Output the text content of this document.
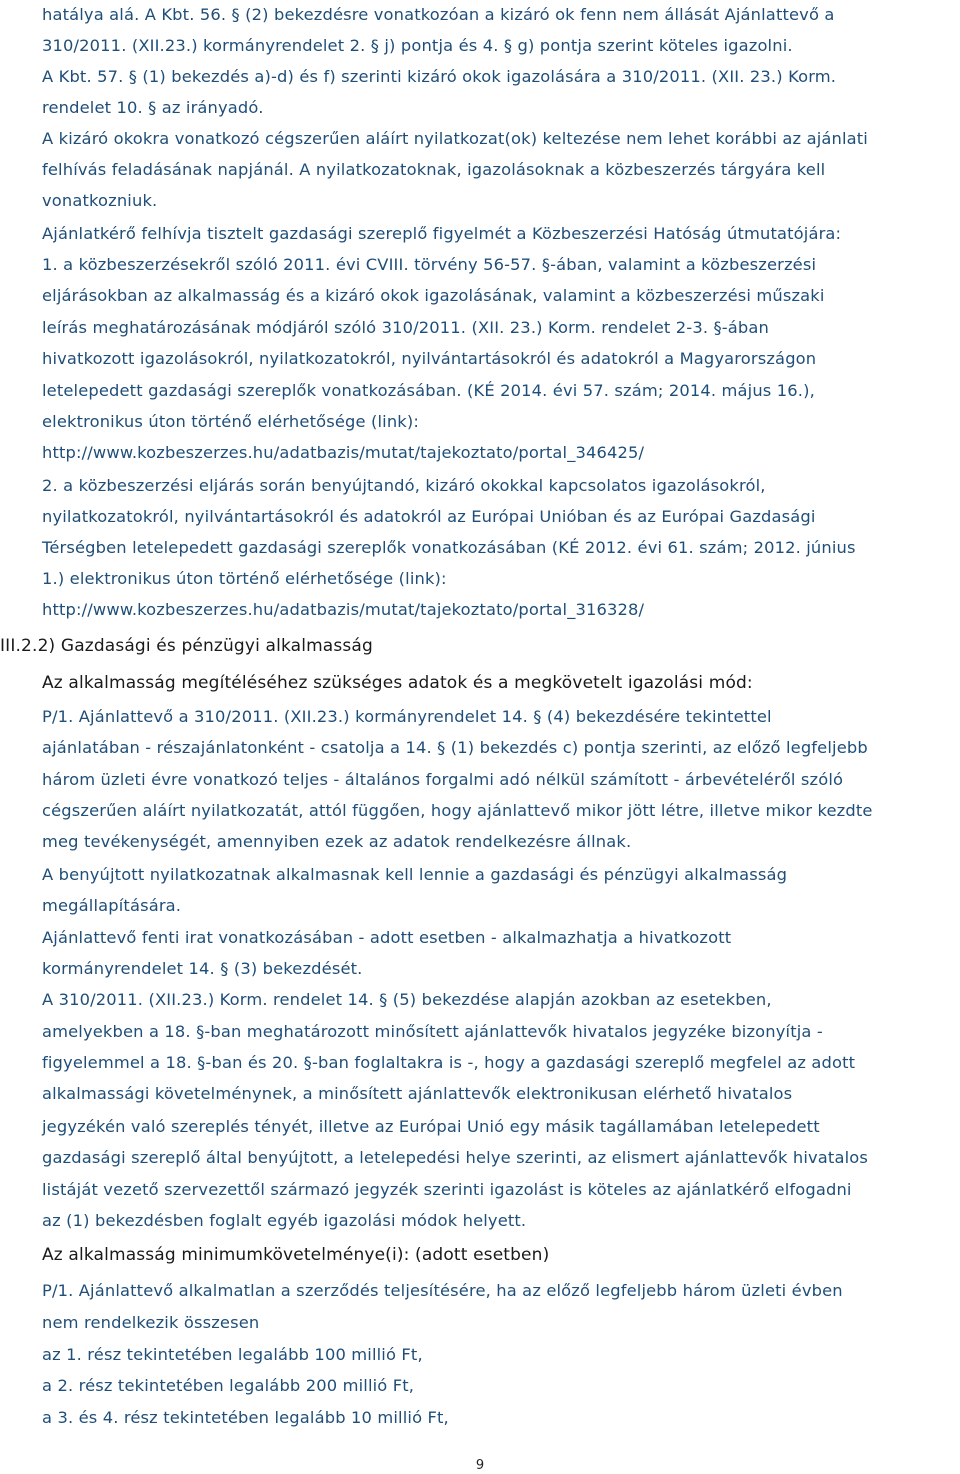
hatálya alá. A Kbt. 56. § (2) bekezdésre vonatkozóan a kizáró ok fenn nem állását Ajánlattevő a
310/2011. (XII.23.) kormányrendelet 2. § j) pontja és 4. § g) pontja szerint köteles igazolni.
A Kbt. 57. § (1) bekezdés a)-d) és f) szerinti kizáró okok igazolására a 310/2011. (XII. 23.) Korm.
rendelet 10. § az irányadó.
A kizáró okokra vonatkozó cégszerűen aláírt nyilatkozat(ok) keltezése nem lehet korábbi az ajánlati
felhívás feladásának napjánál. A nyilatkozatoknak, igazolásoknak a közbeszerzés tárgyára kell
vonatkozniuk.
Ajánlatkérő felhívja tisztelt gazdasági szereplő figyelmét a Közbeszerzési Hatóság útmutatójára:
1. a közbeszerzésekről szóló 2011. évi CVIII. törvény 56-57. §-ában, valamint a közbeszerzési
eljárásokban az alkalmasság és a kizáró okok igazolásának, valamint a közbeszerzési műszaki
leírás meghatározásának módjáról szóló 310/2011. (XII. 23.) Korm. rendelet 2-3. §-ában
hivatkozott igazolásokról, nyilatkozatokról, nyilvántartásokról és adatokról a Magyarországon
letelepedett gazdasági szereplők vonatkozásában. (KÉ 2014. évi 57. szám; 2014. május 16.),
elektronikus úton történő elérhetősége (link):
http://www.kozbeszerzes.hu/adatbazis/mutat/tajekoztato/portal_346425/
2. a közbeszerzési eljárás során benyújtandó, kizáró okokkal kapcsolatos igazolásokról,
nyilatkozatokról, nyilvántartásokról és adatokról az Európai Unióban és az Európai Gazdasági
Térségben letelepedett gazdasági szereplők vonatkozásában (KÉ 2012. évi 61. szám; 2012. június
1.) elektronikus úton történő elérhetősége (link):
http://www.kozbeszerzes.hu/adatbazis/mutat/tajekoztato/portal_316328/
III.2.2) Gazdasági és pénzügyi alkalmasság
Az alkalmasság megítéléséhez szükséges adatok és a megkövetelt igazolási mód:
P/1. Ajánlattevő a 310/2011. (XII.23.) kormányrendelet 14. § (4) bekezdésére tekintettel
ajánlatában - részajánlatonként - csatolja a 14. § (1) bekezdés c) pontja szerinti, az előző legfeljebb
három üzleti évre vonatkozó teljes - általános forgalmi adó nélkül számított - árbevételéről szóló
cégszerűen aláírt nyilatkozatát, attól függően, hogy ajánlattevő mikor jött létre, illetve mikor kezdte
meg tevékenységét, amennyiben ezek az adatok rendelkezésre állnak.
A benyújtott nyilatkozatnak alkalmasnak kell lennie a gazdasági és pénzügyi alkalmasság
megállapítására.
Ajánlattevő fenti irat vonatkozásában - adott esetben - alkalmazhatja a hivatkozott
kormányrendelet 14. § (3) bekezdését.
A 310/2011. (XII.23.) Korm. rendelet 14. § (5) bekezdése alapján azokban az esetekben,
amelyekben a 18. §-ban meghatározott minősített ajánlattevők hivatalos jegyzéke bizonyítja -
figyelemmel a 18. §-ban és 20. §-ban foglaltakra is -, hogy a gazdasági szereplő megfelel az adott
alkalmassági követelménynek, a minősített ajánlattevők elektronikusan elérhető hivatalos
jegyzékén való szereplés tényét, illetve az Európai Unió egy másik tagállamában letelepedett
gazdasági szereplő által benyújtott, a letelepedési helye szerinti, az elismert ajánlattevők hivatalos
listáját vezető szervezettől származó jegyzék szerinti igazolást is köteles az ajánlatkérő elfogadni
az (1) bekezdésben foglalt egyéb igazolási módok helyett.
Az alkalmasság minimumkövetelménye(i): (adott esetben)
P/1. Ajánlattevő alkalmatlan a szerződés teljesítésére, ha az előző legfeljebb három üzleti évben
nem rendelkezik összesen
az 1. rész tekintetében legalább 100 millió Ft,
a 2. rész tekintetében legalább 200 millió Ft,
a 3. és 4. rész tekintetében legalább 10 millió Ft,
9
